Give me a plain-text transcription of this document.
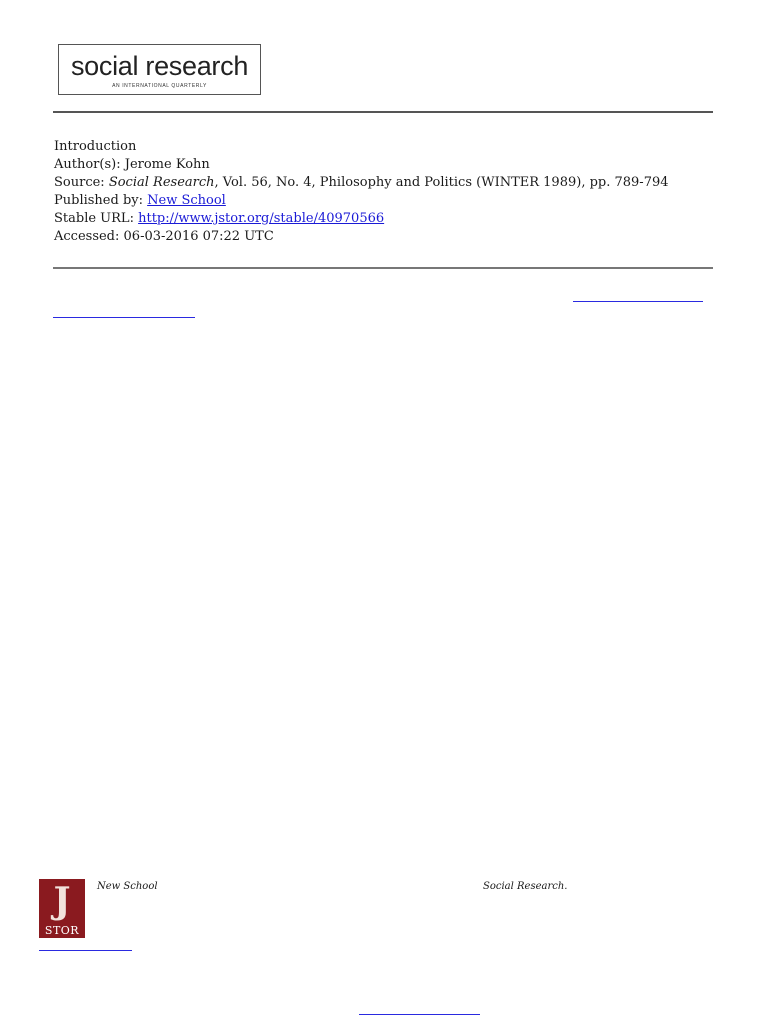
social research
AN INTERNATIONAL QUARTERLY
Introduction
Author(s): Jerome Kohn
Source: Social Research, Vol. 56, No. 4, Philosophy and Politics (WINTER 1989), pp. 789-794
Published by: New School
Stable URL: http://www.jstor.org/stable/40970566
Accessed: 06-03-2016 07:22 UTC
J
STOR
New School	Social Research.
